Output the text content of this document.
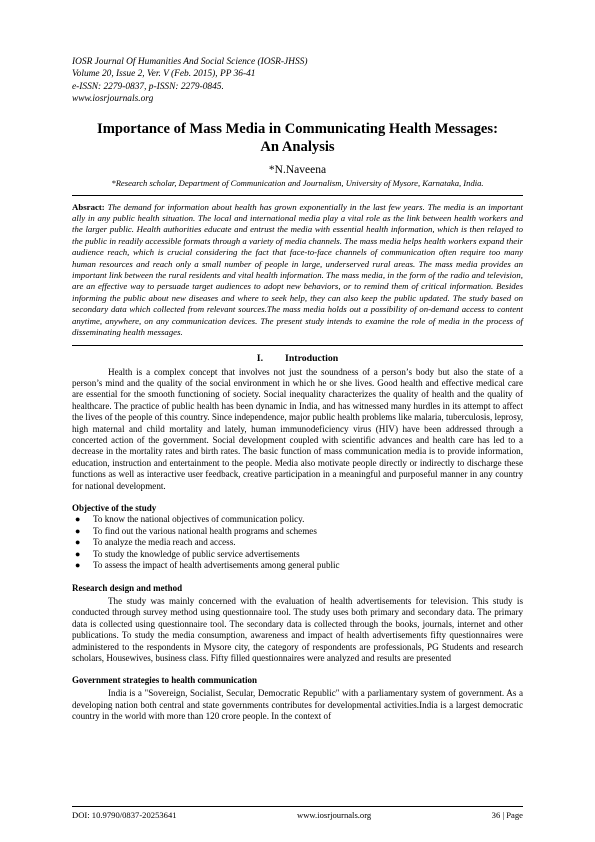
IOSR Journal Of Humanities And Social Science (IOSR-JHSS)
Volume 20, Issue 2, Ver. V (Feb. 2015), PP 36-41
e-ISSN: 2279-0837, p-ISSN: 2279-0845.
www.iosrjournals.org
Importance of Mass Media in Communicating Health Messages:
An Analysis
*N.Naveena
*Research scholar, Department of Communication and Journalism, University of Mysore, Karnataka, India.
Absract: The demand for information about health has grown exponentially in the last few years. The media is an important ally in any public health situation. The local and international media play a vital role as the link between health workers and the larger public. Health authorities educate and entrust the media with essential health information, which is then relayed to the public in readily accessible formats through a variety of media channels. The mass media helps health workers expand their audience reach, which is crucial considering the fact that face-to-face channels of communication often require too many human resources and reach only a small number of people in large, underserved rural areas. The mass media provides an important link between the rural residents and vital health information. The mass media, in the form of the radio and television, are an effective way to persuade target audiences to adopt new behaviors, or to remind them of critical information. Besides informing the public about new diseases and where to seek help, they can also keep the public updated. The study based on secondary data which collected from relevant sources.The mass media holds out a possibility of on-demand access to content anytime, anywhere, on any communication devices. The present study intends to examine the role of media in the process of disseminating health messages.
I. Introduction
Health is a complex concept that involves not just the soundness of a person’s body but also the state of a person’s mind and the quality of the social environment in which he or she lives. Good health and effective medical care are essential for the smooth functioning of society. Social inequality characterizes the quality of health and the quality of healthcare. The practice of public health has been dynamic in India, and has witnessed many hurdles in its attempt to affect the lives of the people of this country. Since independence, major public health problems like malaria, tuberculosis, leprosy, high maternal and child mortality and lately, human immunodeficiency virus (HIV) have been addressed through a concerted action of the government. Social development coupled with scientific advances and health care has led to a decrease in the mortality rates and birth rates. The basic function of mass communication media is to provide information, education, instruction and entertainment to the people. Media also motivate people directly or indirectly to discharge these functions as well as interactive user feedback, creative participation in a meaningful and purposeful manner in any country for national development.
Objective of the study
●	To know the national objectives of communication policy.
●	To find out the various national health programs and schemes
●	To analyze the media reach and access.
●	To study the knowledge of public service advertisements
●	To assess the impact of health advertisements among general public
Research design and method
The study was mainly concerned with the evaluation of health advertisements for television. This study is conducted through survey method using questionnaire tool. The study uses both primary and secondary data. The primary data is collected using questionnaire tool. The secondary data is collected through the books, journals, internet and other publications. To study the media consumption, awareness and impact of health advertisements fifty questionnaires were administered to the respondents in Mysore city, the category of respondents are professionals, PG Students and research scholars, Housewives, business class. Fifty filled questionnaires were analyzed and results are presented
Government strategies to health communication
India is a "Sovereign, Socialist, Secular, Democratic Republic" with a parliamentary system of government. As a developing nation both central and state governments contributes for developmental activities.India is a largest democratic country in the world with more than 120 crore people. In the context of
DOI: 10.9790/0837-20253641	www.iosrjournals.org	36 | Page
